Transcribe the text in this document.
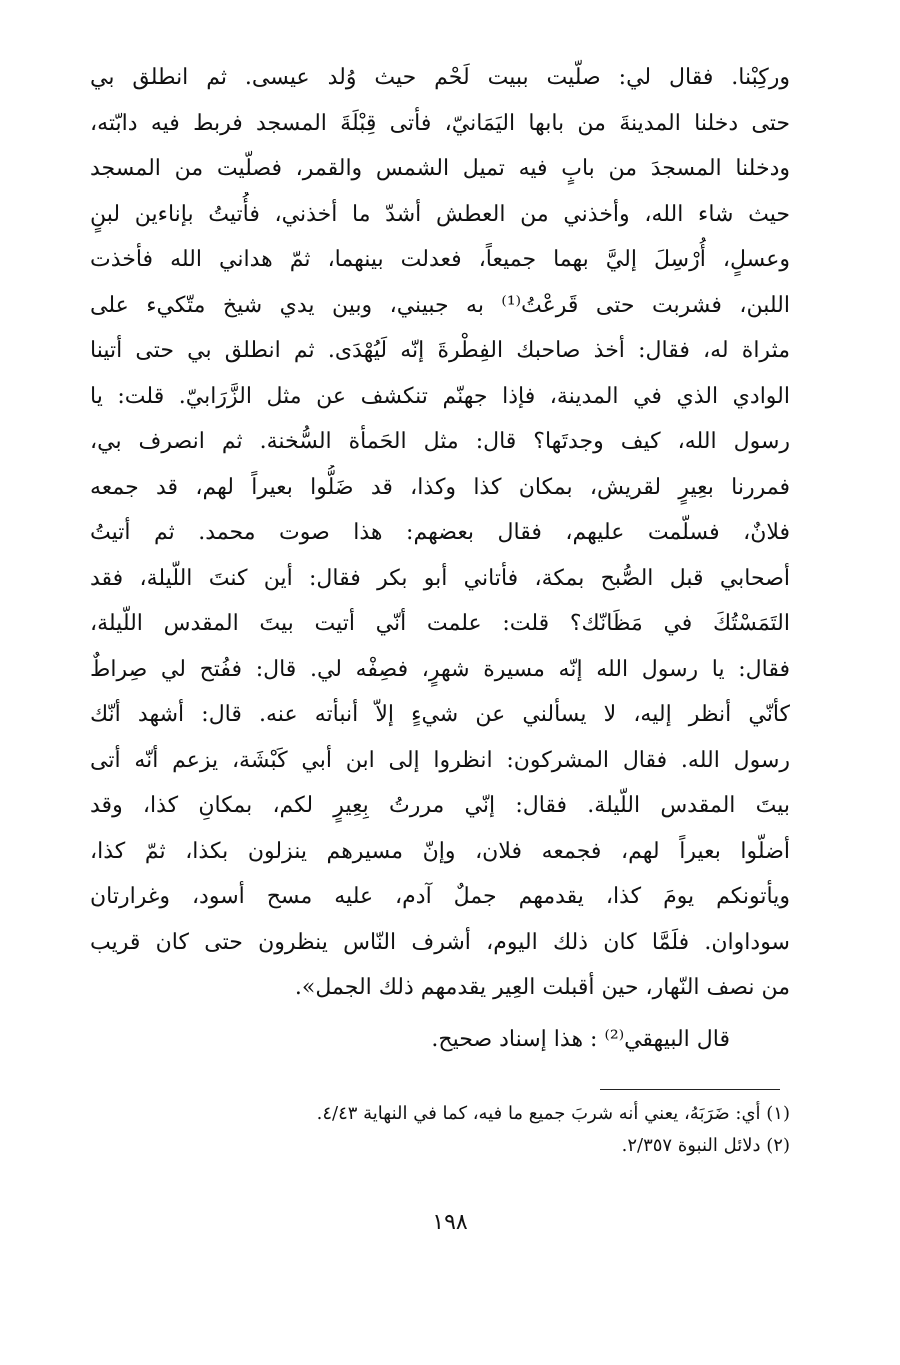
وركِبْنا. فقال لي: صلّيت ببيت لَحْم حيث وُلد عيسى. ثم انطلق بي
حتى دخلنا المدينةَ من بابها اليَمَانيّ، فأتى قِبْلَةَ المسجد فربط فيه دابّته،
ودخلنا المسجدَ من بابٍ فيه تميل الشمس والقمر، فصلّيت من المسجد
حيث شاء الله، وأخذني من العطش أشدّ ما أخذني، فأُتيتُ بإناءين لبنٍ
وعسلٍ، أُرْسِلَ إليَّ بهما جميعاً، فعدلت بينهما، ثمّ هداني الله فأخذت
اللبن، فشربت حتى قَرعْتُ⁽¹⁾ به جبيني، وبين يدي شيخ متّكيء على
مثراة له، فقال: أخذ صاحبك الفِطْرةَ إنّه لَيُهْدَى. ثم انطلق بي حتى أتينا
الوادي الذي في المدينة، فإذا جهنّم تنكشف عن مثل الزَّرَابيّ. قلت: يا
رسول الله، كيف وجدتَها؟ قال: مثل الحَمأة السُّخنة. ثم انصرف بي،
فمررنا بعِيرٍ لقريش، بمكان كذا وكذا، قد ضَلُّوا بعيراً لهم، قد جمعه
فلانٌ، فسلّمت عليهم، فقال بعضهم: هذا صوت محمد. ثم أتيتُ
أصحابي قبل الصُّبح بمكة، فأتاني أبو بكر فقال: أين كنتَ اللّيلة، فقد
التَمَسْتُكَ في مَظَانّك؟ قلت: علمت أنّي أتيت بيتَ المقدس اللّيلة،
فقال: يا رسول الله إنّه مسيرة شهرٍ، فصِفْه لي. قال: ففُتح لي صِراطٌ
كأنّي أنظر إليه، لا يسألني عن شيءٍ إلاّ أنبأته عنه. قال: أشهد أنّك
رسول الله. فقال المشركون: انظروا إلى ابن أبي كَبْشَة، يزعم أنّه أتى
بيتَ المقدس اللّيلة. فقال: إنّي مررتُ بِعِيرٍ لكم، بمكانِ كذا، وقد
أضلّوا بعيراً لهم، فجمعه فلان، وإنّ مسيرهم ينزلون بكذا، ثمّ كذا،
ويأتونكم يومَ كذا، يقدمهم جملٌ آدم، عليه مسح أسود، وغرارتان
سوداوان. فلَمَّا كان ذلك اليوم، أشرف النّاس ينظرون حتى كان قريب
من نصف النّهار، حين أقبلت العِير يقدمهم ذلك الجمل».
قال البيهقي⁽²⁾ : هذا إسناد صحيح.
(١) أي: ضَرَبَهُ، يعني أنه شربَ جميع ما فيه، كما في النهاية ٤/٤٣.
(٢) دلائل النبوة ٢/٣٥٧.
١٩٨
